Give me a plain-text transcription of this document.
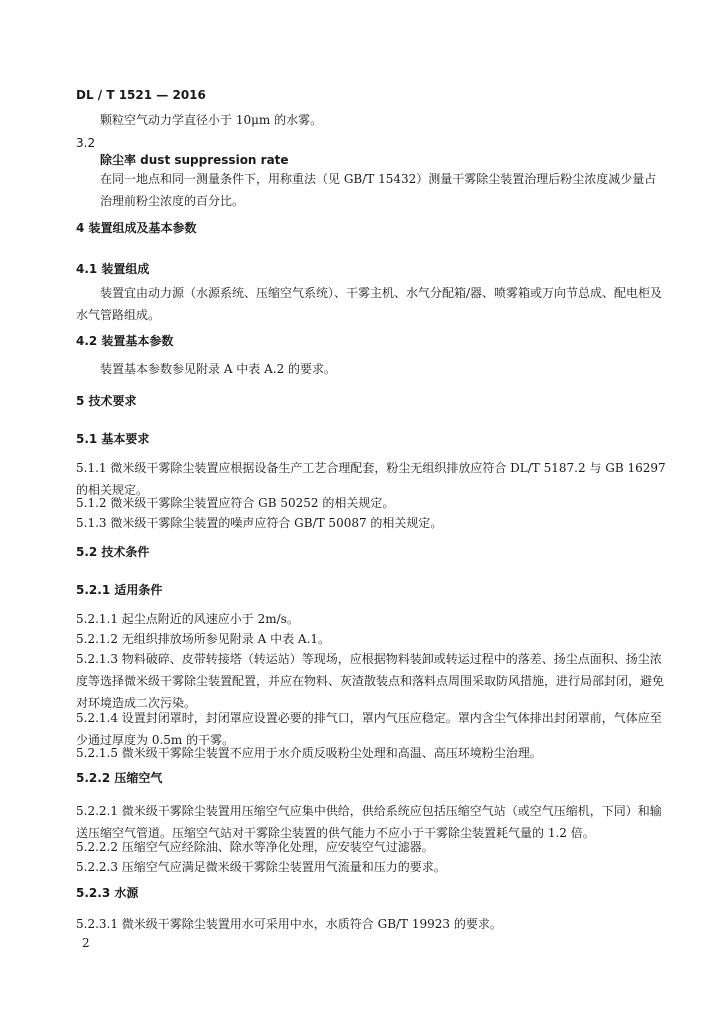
DL / T 1521 — 2016
颗粒空气动力学直径小于 10μm 的水雾。
3.2
除尘率 dust suppression rate
在同一地点和同一测量条件下，用称重法（见 GB/T 15432）测量干雾除尘装置治理后粉尘浓度减少量占治理前粉尘浓度的百分比。
4 装置组成及基本参数
4.1 装置组成
装置宜由动力源（水源系统、压缩空气系统）、干雾主机、水气分配箱/器、喷雾箱或万向节总成、配电柜及水气管路组成。
4.2 装置基本参数
装置基本参数参见附录 A 中表 A.2 的要求。
5 技术要求
5.1 基本要求
5.1.1 微米级干雾除尘装置应根据设备生产工艺合理配套，粉尘无组织排放应符合 DL/T 5187.2 与 GB 16297 的相关规定。
5.1.2 微米级干雾除尘装置应符合 GB 50252 的相关规定。
5.1.3 微米级干雾除尘装置的噪声应符合 GB/T 50087 的相关规定。
5.2 技术条件
5.2.1 适用条件
5.2.1.1 起尘点附近的风速应小于 2m/s。
5.2.1.2 无组织排放场所参见附录 A 中表 A.1。
5.2.1.3 物料破碎、皮带转接塔（转运站）等现场，应根据物料装卸或转运过程中的落差、扬尘点面积、扬尘浓度等选择微米级干雾除尘装置配置，并应在物料、灰渣散装点和落料点周围采取防风措施，进行局部封闭，避免对环境造成二次污染。
5.2.1.4 设置封闭罩时，封闭罩应设置必要的排气口，罩内气压应稳定。罩内含尘气体排出封闭罩前，气体应至少通过厚度为 0.5m 的干雾。
5.2.1.5 微米级干雾除尘装置不应用于水介质反吸粉尘处理和高温、高压环境粉尘治理。
5.2.2 压缩空气
5.2.2.1 微米级干雾除尘装置用压缩空气应集中供给，供给系统应包括压缩空气站（或空气压缩机，下同）和输送压缩空气管道。压缩空气站对干雾除尘装置的供气能力不应小于干雾除尘装置耗气量的 1.2 倍。
5.2.2.2 压缩空气应经除油、除水等净化处理，应安装空气过滤器。
5.2.2.3 压缩空气应满足微米级干雾除尘装置用气流量和压力的要求。
5.2.3 水源
5.2.3.1 微米级干雾除尘装置用水可采用中水，水质符合 GB/T 19923 的要求。
2
